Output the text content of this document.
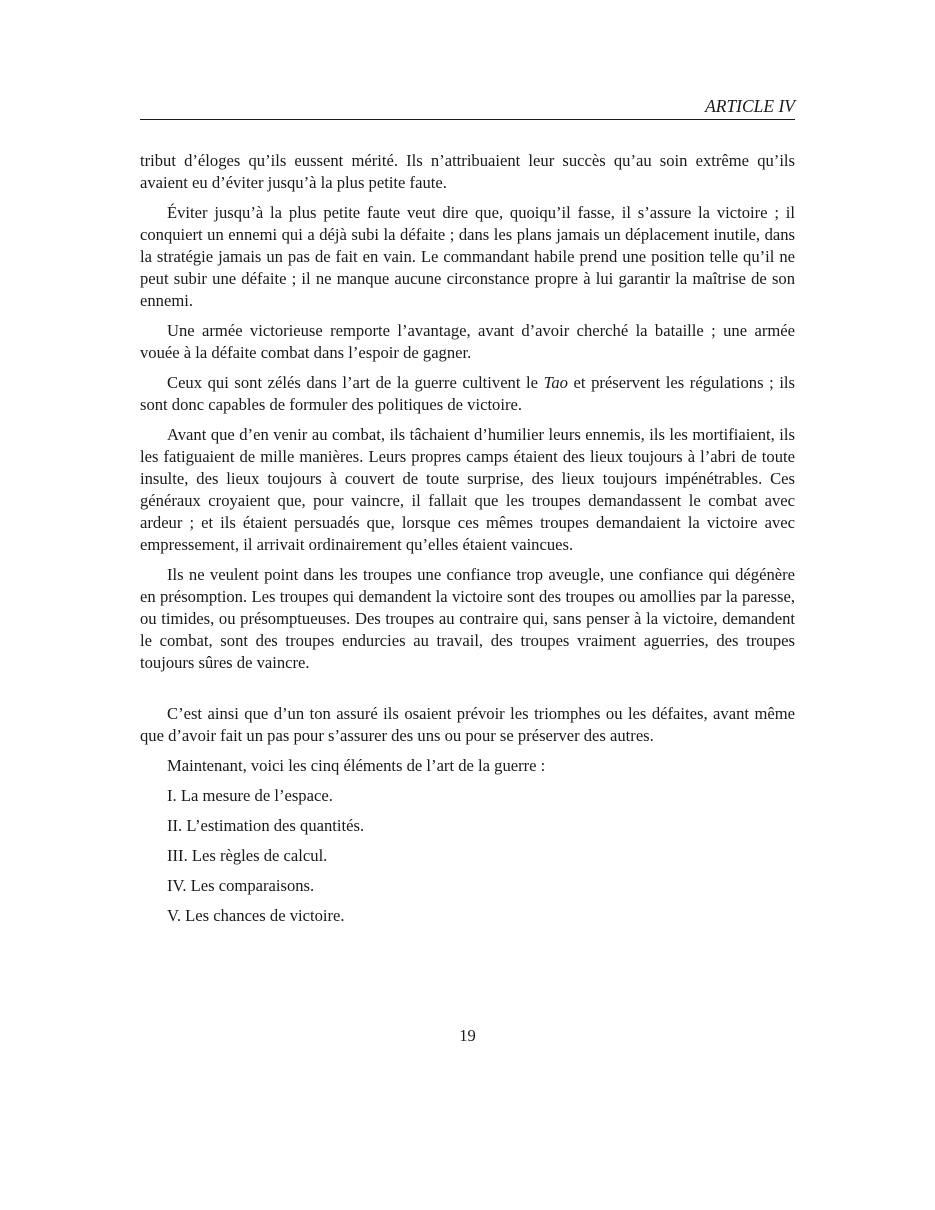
ARTICLE IV

tribut d’éloges qu’ils eussent mérité. Ils n’attribuaient leur succès qu’au soin extrême qu’ils avaient eu d’éviter jusqu’à la plus petite faute.

Éviter jusqu’à la plus petite faute veut dire que, quoiqu’il fasse, il s’assure la victoire ; il conquiert un ennemi qui a déjà subi la défaite ; dans les plans jamais un déplacement inutile, dans la stratégie jamais un pas de fait en vain. Le commandant habile prend une position telle qu’il ne peut subir une défaite ; il ne manque aucune circonstance propre à lui garantir la maîtrise de son ennemi.

Une armée victorieuse remporte l’avantage, avant d’avoir cherché la bataille ; une armée vouée à la défaite combat dans l’espoir de gagner.

Ceux qui sont zélés dans l’art de la guerre cultivent le Tao et préservent les régulations ; ils sont donc capables de formuler des politiques de victoire.

Avant que d’en venir au combat, ils tâchaient d’humilier leurs ennemis, ils les mortifiaient, ils les fatiguaient de mille manières. Leurs propres camps étaient des lieux toujours à l’abri de toute insulte, des lieux toujours à couvert de toute surprise, des lieux toujours impénétrables. Ces généraux croyaient que, pour vaincre, il fallait que les troupes demandassent le combat avec ardeur ; et ils étaient persuadés que, lorsque ces mêmes troupes demandaient la victoire avec empressement, il arrivait ordinairement qu’elles étaient vaincues.

Ils ne veulent point dans les troupes une confiance trop aveugle, une confiance qui dégénère en présomption. Les troupes qui demandent la victoire sont des troupes ou amollies par la paresse, ou timides, ou présomptueuses. Des troupes au contraire qui, sans penser à la victoire, demandent le combat, sont des troupes endurcies au travail, des troupes vraiment aguerries, des troupes toujours sûres de vaincre.

C’est ainsi que d’un ton assuré ils osaient prévoir les triomphes ou les défaites, avant même que d’avoir fait un pas pour s’assurer des uns ou pour se préserver des autres.

Maintenant, voici les cinq éléments de l’art de la guerre :

I. La mesure de l’espace.

II. L’estimation des quantités.

III. Les règles de calcul.

IV. Les comparaisons.

V. Les chances de victoire.

19
